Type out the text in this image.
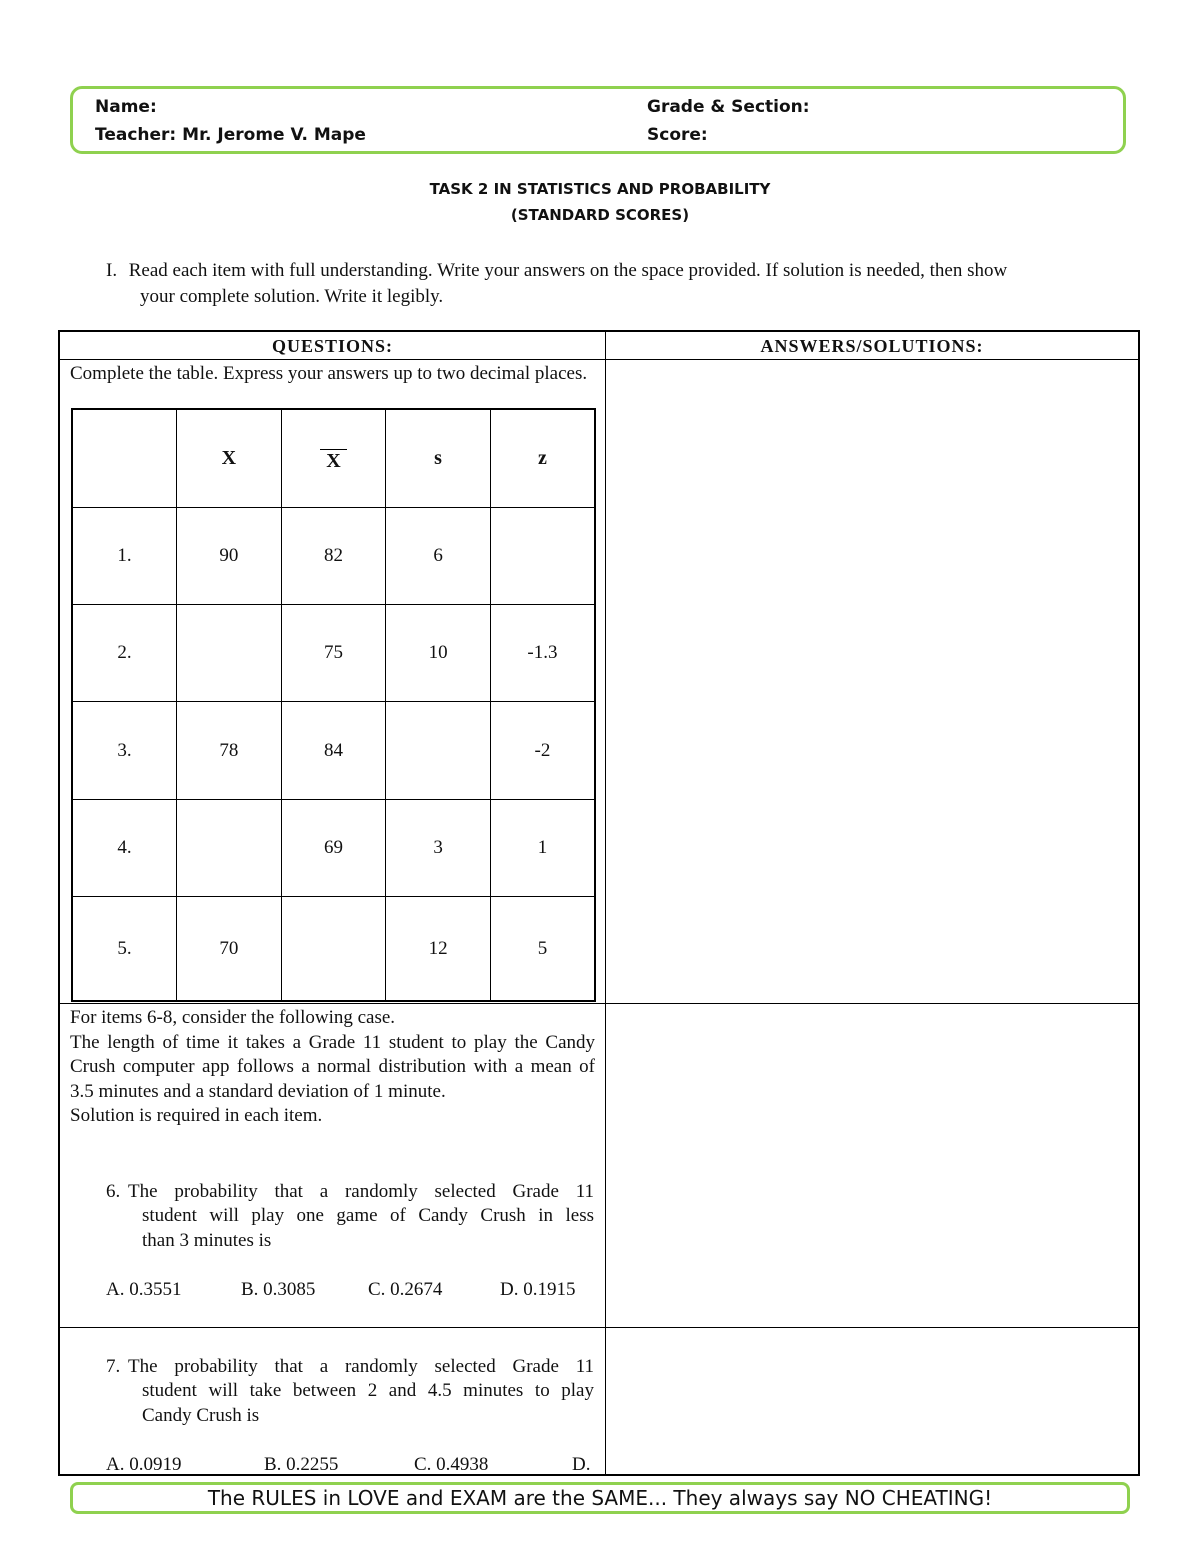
Name:
Teacher: Mr. Jerome V. Mape
Grade & Section:
Score:
TASK 2 IN STATISTICS AND PROBABILITY
(STANDARD SCORES)
I. Read each item with full understanding. Write your answers on the space provided. If solution is needed, then show
your complete solution. Write it legibly.
QUESTIONS:	ANSWERS/SOLUTIONS:
Complete the table. Express your answers up to two decimal places.
	X	X	s	z
1.	90	82	6	
2.		75	10	-1.3
3.	78	84		-2
4.		69	3	1
5.	70		12	5
For items 6-8, consider the following case.
The length of time it takes a Grade 11 student to play the Candy Crush computer app follows a normal distribution with a mean of 3.5 minutes and a standard deviation of 1 minute.
Solution is required in each item.
6. The probability that a randomly selected Grade 11
student will play one game of Candy Crush in less
than 3 minutes is
A. 0.3551	B. 0.3085	C. 0.2674	D. 0.1915
7. The probability that a randomly selected Grade 11
student will take between 2 and 4.5 minutes to play
Candy Crush is
A. 0.0919	B. 0.2255	C. 0.4938	D.
The RULES in LOVE and EXAM are the SAME... They always say NO CHEATING!
